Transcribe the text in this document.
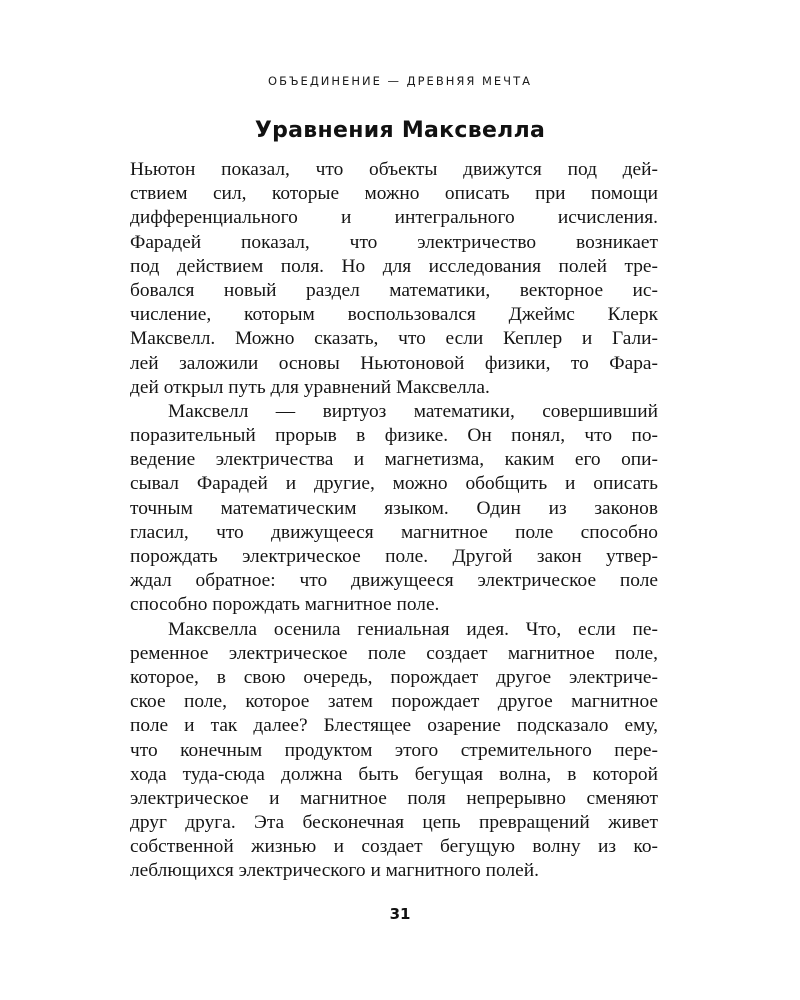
ОБЪЕДИНЕНИЕ — ДРЕВНЯЯ МЕЧТА
Уравнения Максвелла
Ньютон показал, что объекты движутся под дей-
ствием сил, которые можно описать при помощи
дифференциального и интегрального исчисления.
Фарадей показал, что электричество возникает
под действием поля. Но для исследования полей тре-
бовался новый раздел математики, векторное ис-
числение, которым воспользовался Джеймс Клерк
Максвелл. Можно сказать, что если Кеплер и Гали-
лей заложили основы Ньютоновой физики, то Фара-
дей открыл путь для уравнений Максвелла.
Максвелл — виртуоз математики, совершивший
поразительный прорыв в физике. Он понял, что по-
ведение электричества и магнетизма, каким его опи-
сывал Фарадей и другие, можно обобщить и описать
точным математическим языком. Один из законов
гласил, что движущееся магнитное поле способно
порождать электрическое поле. Другой закон утвер-
ждал обратное: что движущееся электрическое поле
способно порождать магнитное поле.
Максвелла осенила гениальная идея. Что, если пе-
ременное электрическое поле создает магнитное поле,
которое, в свою очередь, порождает другое электриче-
ское поле, которое затем порождает другое магнитное
поле и так далее? Блестящее озарение подсказало ему,
что конечным продуктом этого стремительного пере-
хода туда-сюда должна быть бегущая волна, в которой
электрическое и магнитное поля непрерывно сменяют
друг друга. Эта бесконечная цепь превращений живет
собственной жизнью и создает бегущую волну из ко-
леблющихся электрического и магнитного полей.
31
